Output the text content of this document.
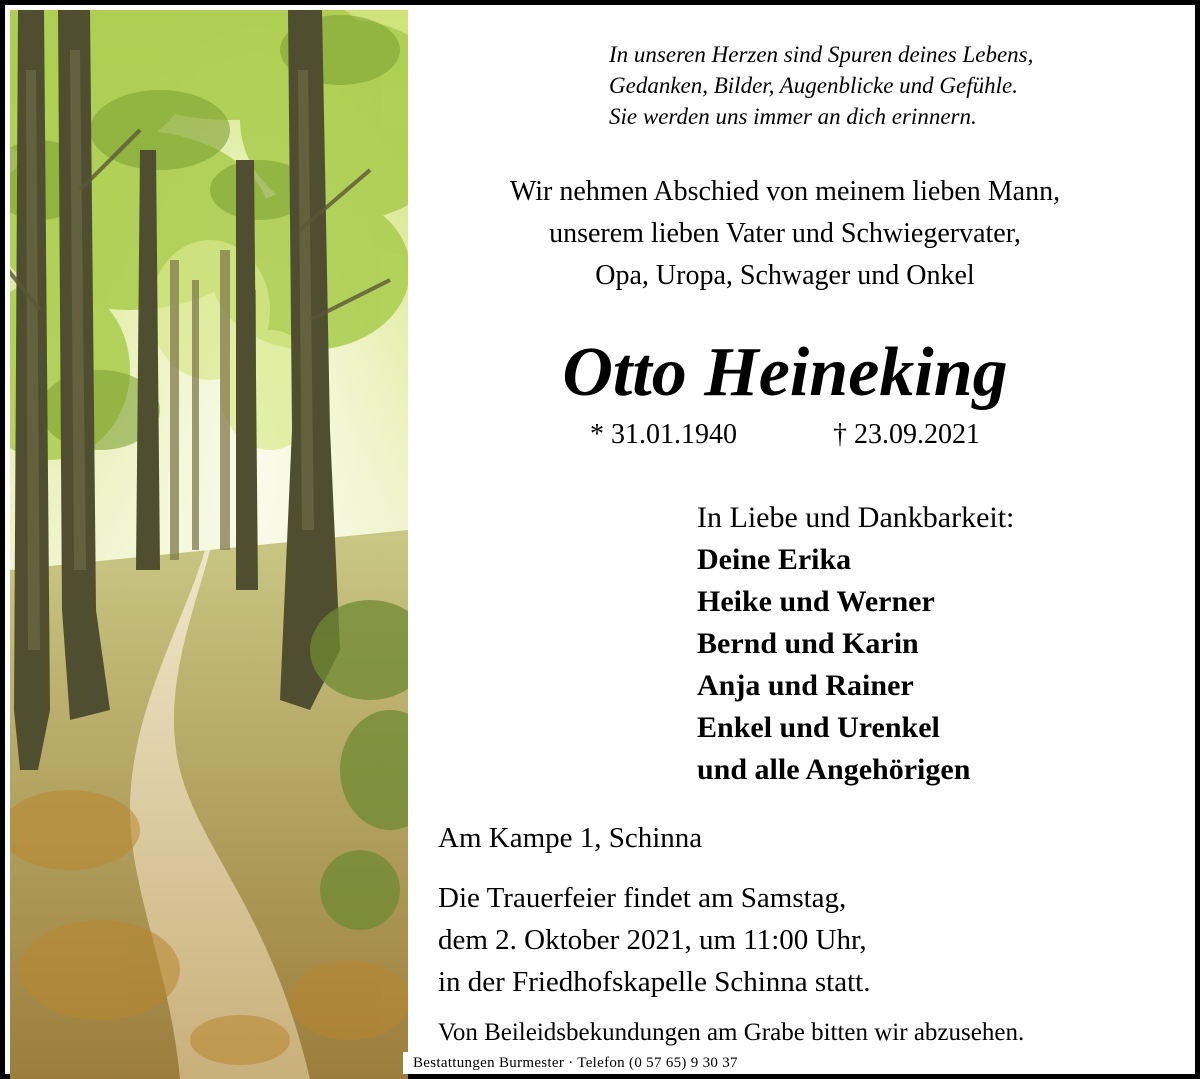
In unseren Herzen sind Spuren deines Lebens,
Gedanken, Bilder, Augenblicke und Gefühle.
Sie werden uns immer an dich erinnern.
Wir nehmen Abschied von meinem lieben Mann,
unserem lieben Vater und Schwiegervater,
Opa, Uropa, Schwager und Onkel
Otto Heineking
* 31.01.1940	† 23.09.2021
In Liebe und Dankbarkeit:
Deine Erika
Heike und Werner
Bernd und Karin
Anja und Rainer
Enkel und Urenkel
und alle Angehörigen
Am Kampe 1, Schinna
Die Trauerfeier findet am Samstag,
dem 2. Oktober 2021, um 11:00 Uhr,
in der Friedhofskapelle Schinna statt.
Von Beileidsbekundungen am Grabe bitten wir abzusehen.
Bestattungen Burmester · Telefon (0 57 65) 9 30 37
